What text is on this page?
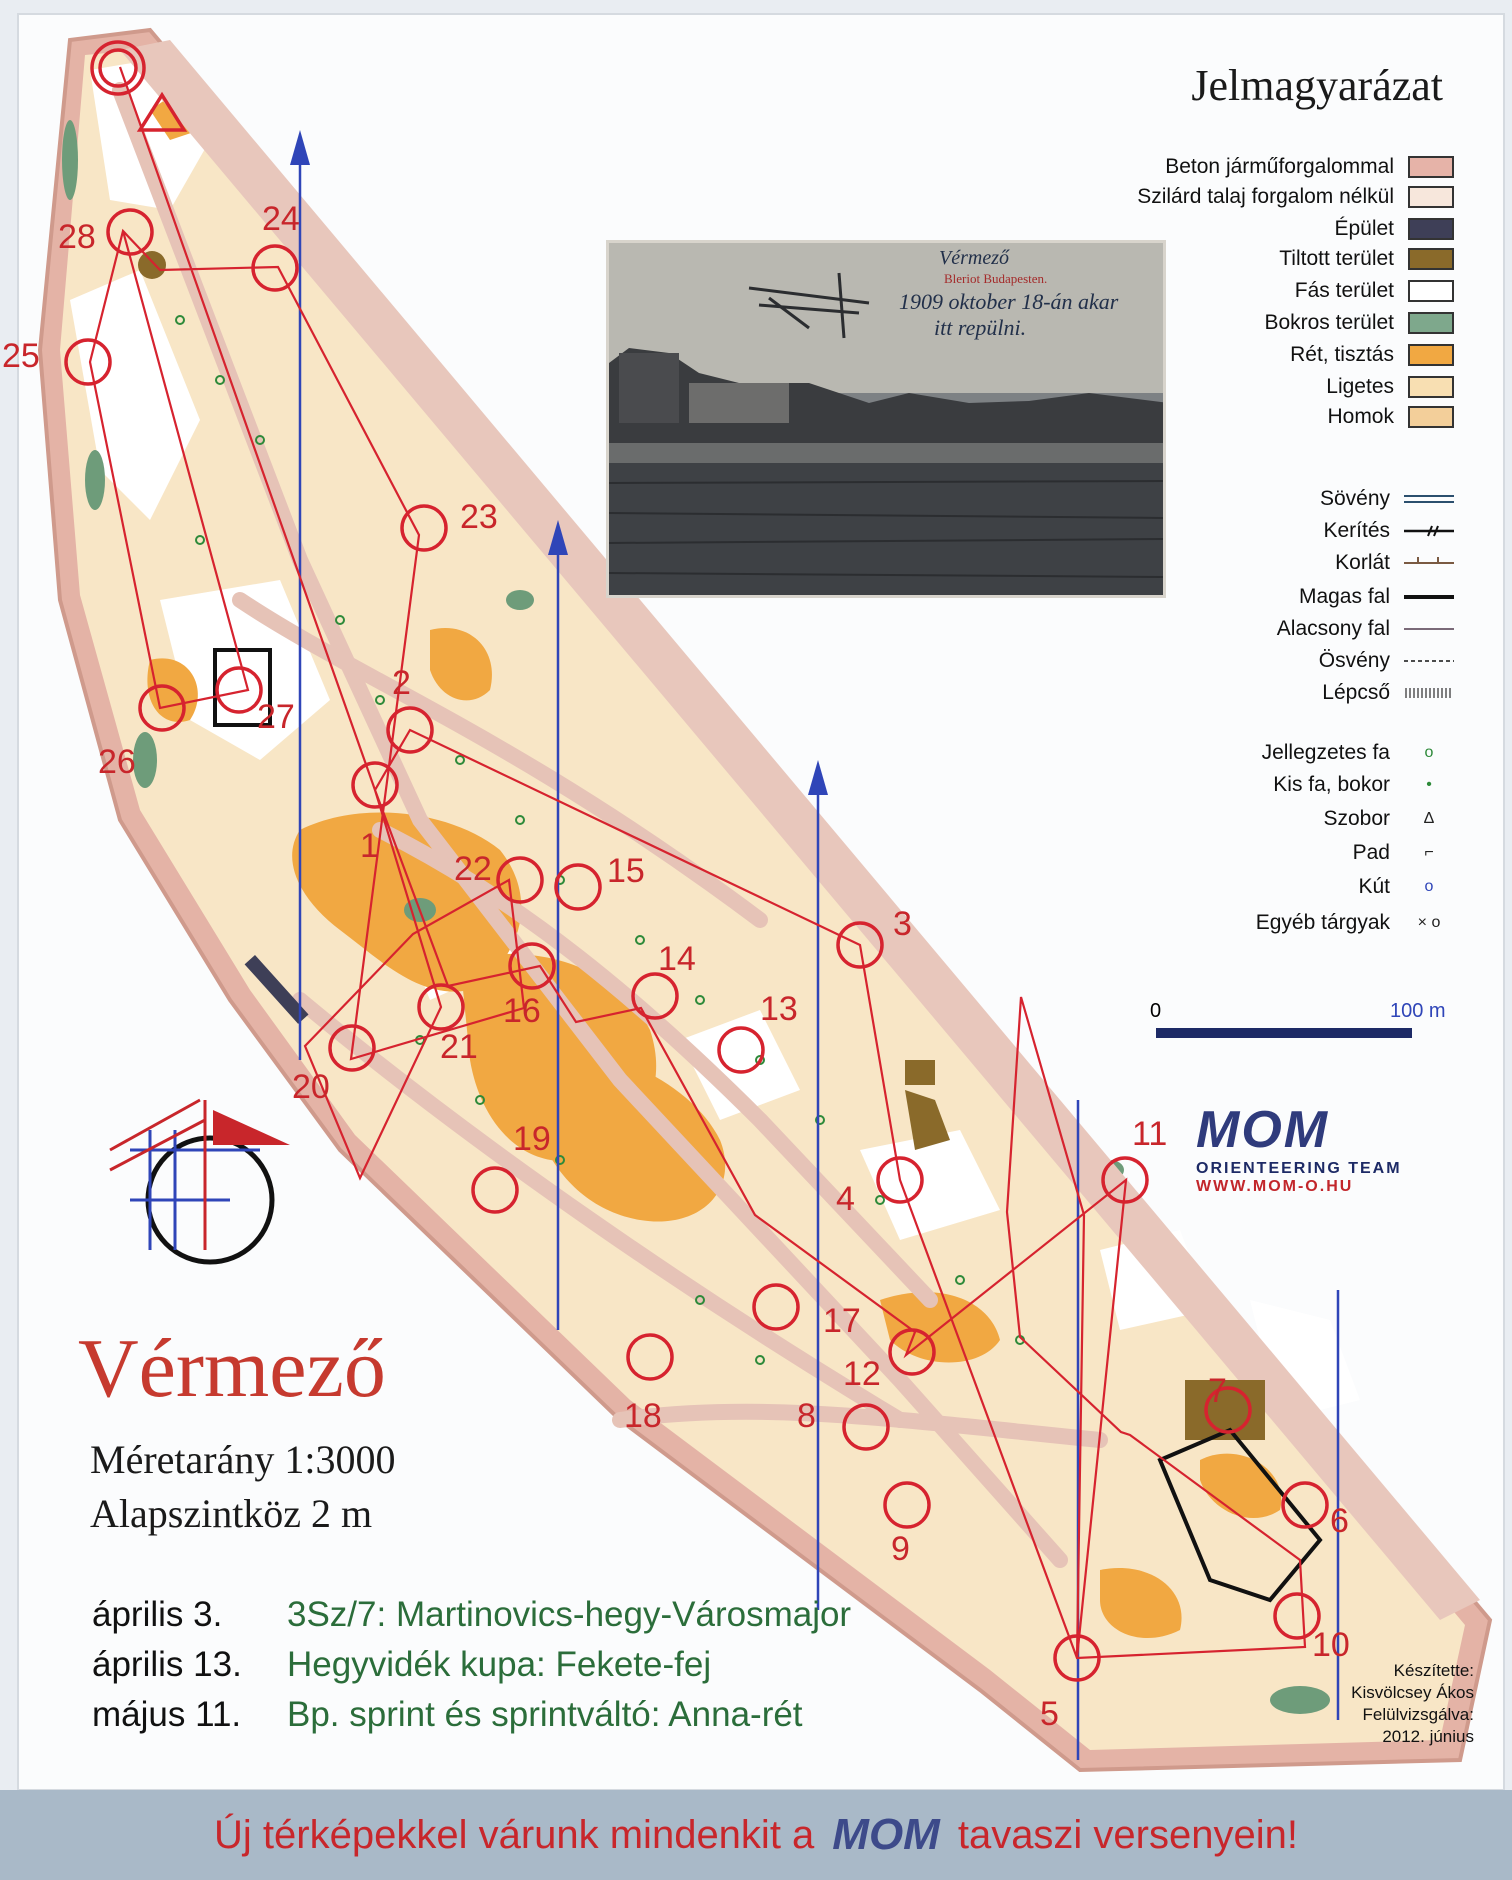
1
2
3
4
5
6
7
8
9
10
11
12
13
14
15
16
17
18
19
20
21
22
23
24
25
26
27
28
Jelmagyarázat
Beton járműforgalommal
Szilárd talaj forgalom nélkül
Épület
Tiltott terület
Fás terület
Bokros terület
Rét, tisztás
Ligetes
Homok
Sövény
Kerítés
Korlát
Magas fal
Alacsony fal
Ösvény
Lépcső
Jellegzetes fa	o
Kis fa, bokor	•
Szobor	Δ
Pad	⌐
Kút	o
Egyéb tárgyak	× o
Vérmező
Bleriot Budapesten.
1909 oktober 18-án akar
itt repülni.
0	100 m
MOM
ORIENTEERING TEAM
WWW.MOM-O.HU
Vérmező
Méretarány 1:3000
Alapszintköz 2 m
április 3.	3Sz/7: Martinovics-hegy-Városmajor
április 13.	Hegyvidék kupa: Fekete-fej
május 11.	Bp. sprint és sprintváltó: Anna-rét
Készítette:
Kisvölcsey Ákos
Felülvizsgálva:
2012. június
Új térképekkel várunk mindenkit a MOM tavaszi versenyein!
